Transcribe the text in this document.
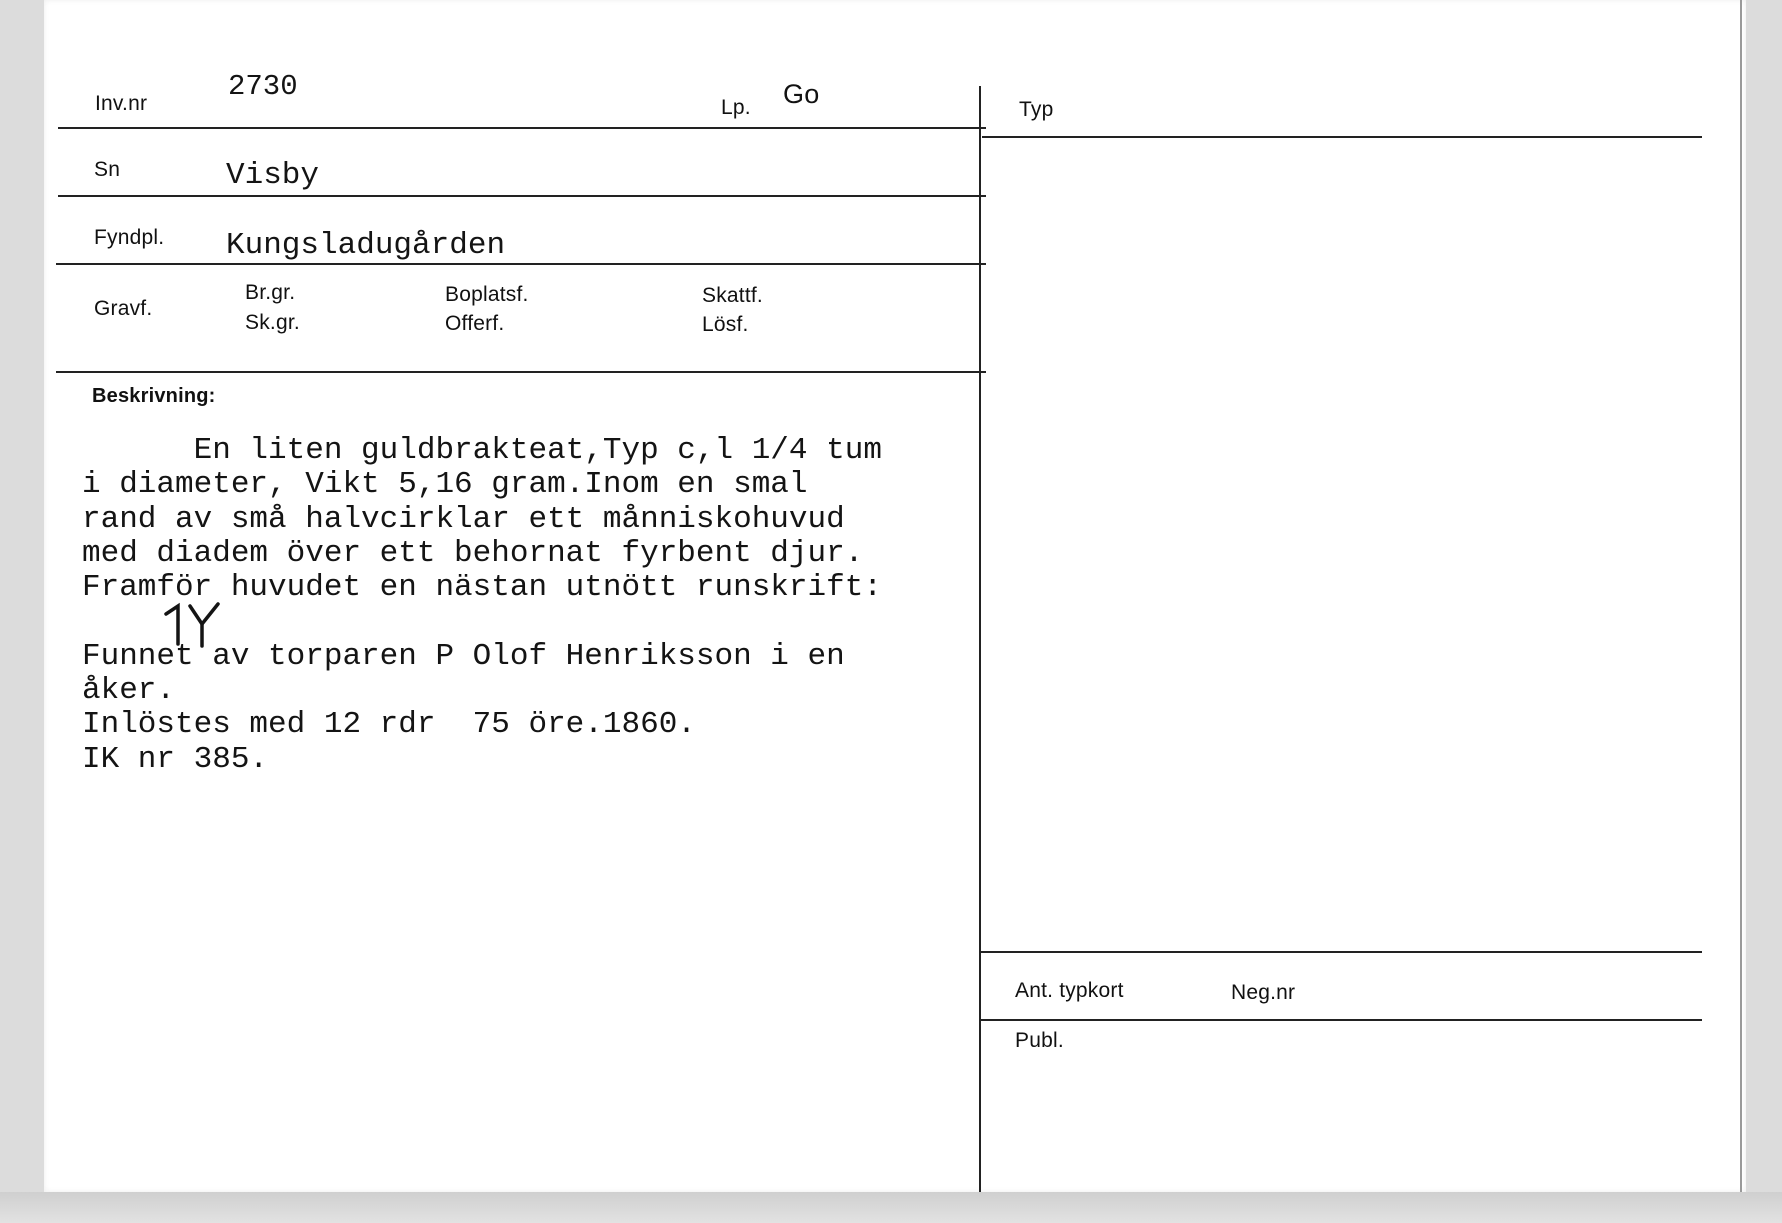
Inv.nr
2730
Lp. Go
Typ
Sn	Visby
Fyndpl. Kungsladugården
Gravf.
Br.gr.
Sk.gr.
Boplatsf.
Offerf.
Skattf.
Lösf.
Beskrivning:
En liten guldbrakteat,Typ c,l 1/4 tum
i diameter, Vikt 5,16 gram.Inom en smal
rand av små halvcirklar ett månniskohuvud
med diadem över ett behornat fyrbent djur.
Framför huvudet en nästan utnött runskrift:
Funnet av torparen P Olof Henriksson i en
åker.
Inlöstes med 12 rdr  75 öre.1860.
IK nr 385.
Ant. typkort	Neg.nr
Publ.
